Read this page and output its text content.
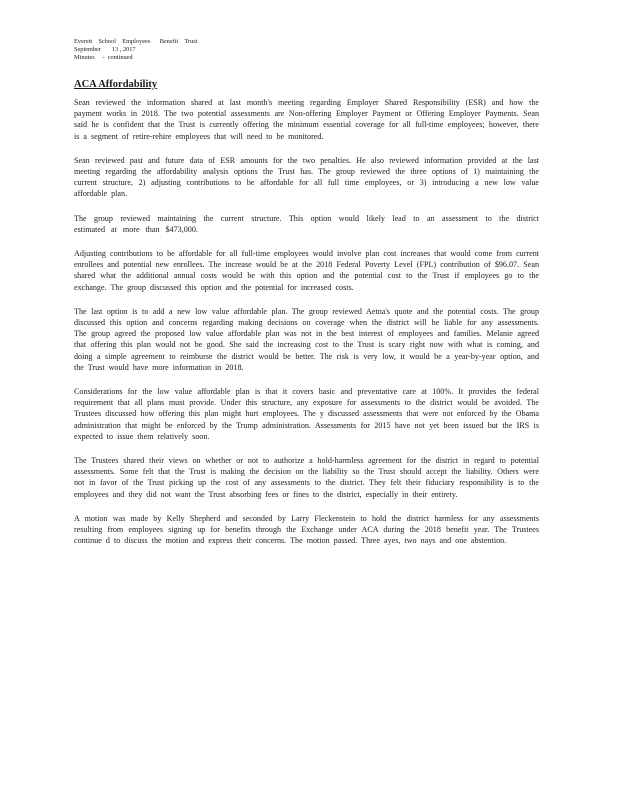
Everett    School    Employees      Benefit    Trust
September       13 , 2017
Minutes     -  continued
ACA Affordability

Sean reviewed the information shared at last month's meeting regarding Employer Shared Responsibility (ESR) and how the payment works in 2018. The two potential assessments are Non-offering Employer Payment or Offering Employer Payments. Sean said he is confident that the Trust is currently offering the minimum essential coverage for all full-time employees; however, there is a segment of retire-rehire employees that will need to be monitored.

Sean reviewed past and future data of ESR amounts for the two penalties. He also reviewed information provided at the last meeting regarding the affordability analysis options the Trust has. The group reviewed the three options of 1) maintaining the current structure, 2) adjusting contributions to be affordable for all full time employees, or 3) introducing a new low value affordable plan.

The group reviewed maintaining the current structure. This option would likely lead to an assessment to the district estimated at more than $473,000.

Adjusting contributions to be affordable for all full-time employees would involve plan cost increases that would come from current enrollees and potential new enrollees. The increase would be at the 2018 Federal Poverty Level (FPL) contribution of $96.07. Sean shared what the additional annual costs would be with this option and the potential cost to the Trust if employees go to the exchange. The group discussed this option and the potential for increased costs.

The last option is to add a new low value affordable plan. The group reviewed Aetna's quote and the potential costs. The group discussed this option and concerns regarding making decisions on coverage when the district will be liable for any assessments. The group agreed the proposed low value affordable plan was not in the best interest of employees and families. Melanie agreed that offering this plan would not be good. She said the increasing cost to the Trust is scary right now with what is coming, and doing a simple agreement to reimburse the district would be better. The risk is very low, it would be a year-by-year option, and the Trust would have more information in 2018.

Considerations for the low value affordable plan is that it covers basic and preventative care at 100%. It provides the federal requirement that all plans must provide. Under this structure, any exposure for assessments to the district would be avoided. The Trustees discussed how offering this plan might hurt employees. The y discussed assessments that were not enforced by the Obama administration that might be enforced by the Trump administration. Assessments for 2015 have not yet been issued but the IRS is expected to issue them relatively soon.

The Trustees shared their views on whether or not to authorize a hold-harmless agreement for the district in regard to potential assessments. Some felt that the Trust is making the decision on the liability so the Trust should accept the liability. Others were not in favor of the Trust picking up the cost of any assessments to the district. They felt their fiduciary responsibility is to the employees and they did not want the Trust absorbing fees or fines to the district, especially in their entirety.

A motion was made by Kelly Shepherd and seconded by Larry Fleckenstein to hold the district harmless for any assessments resulting from employees signing up for benefits through the Exchange under ACA during the 2018 benefit year. The Trustees continue d to discuss the motion and express their concerns. The motion passed. Three ayes, two nays and one abstention.
